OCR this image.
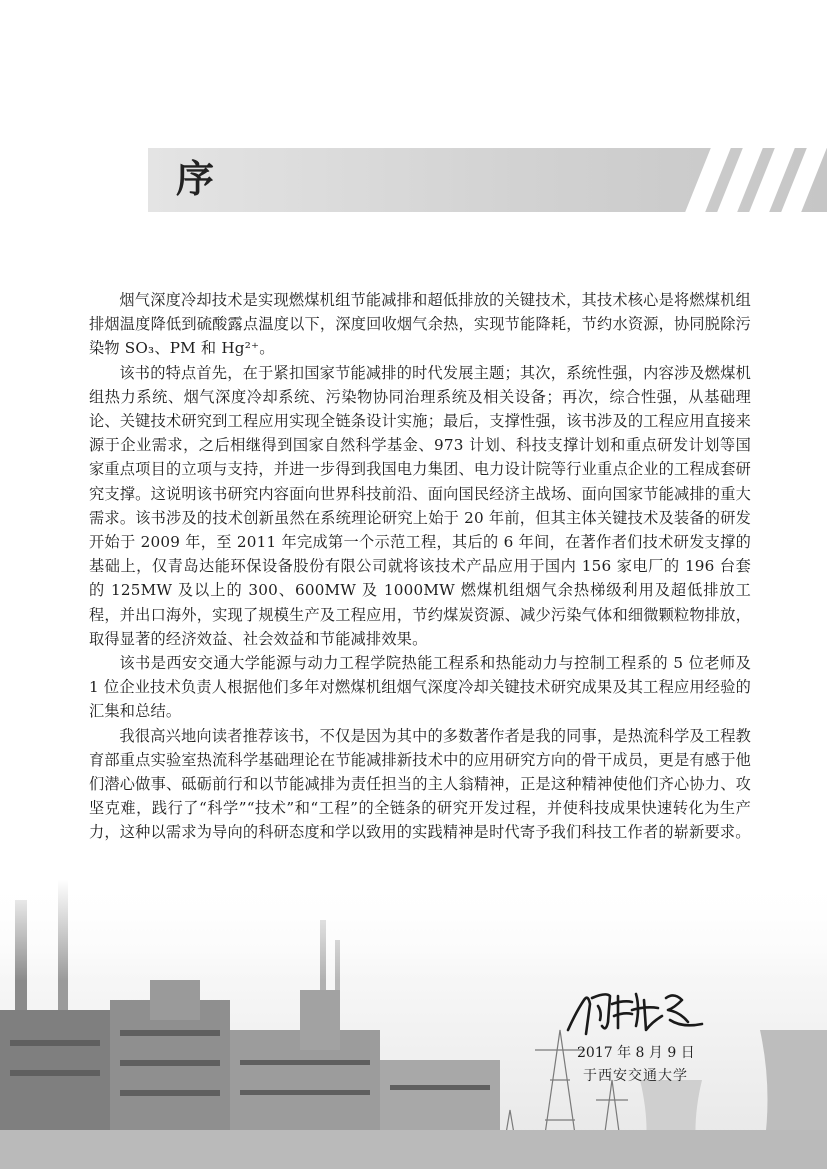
序

烟气深度冷却技术是实现燃煤机组节能减排和超低排放的关键技术，其技术核心是将燃煤机组排烟温度降低到硫酸露点温度以下，深度回收烟气余热，实现节能降耗，节约水资源，协同脱除污染物 SO₃、PM 和 Hg²⁺。

该书的特点首先，在于紧扣国家节能减排的时代发展主题；其次，系统性强，内容涉及燃煤机组热力系统、烟气深度冷却系统、污染物协同治理系统及相关设备；再次，综合性强，从基础理论、关键技术研究到工程应用实现全链条设计实施；最后，支撑性强，该书涉及的工程应用直接来源于企业需求，之后相继得到国家自然科学基金、973 计划、科技支撑计划和重点研发计划等国家重点项目的立项与支持，并进一步得到我国电力集团、电力设计院等行业重点企业的工程成套研究支撑。这说明该书研究内容面向世界科技前沿、面向国民经济主战场、面向国家节能减排的重大需求。该书涉及的技术创新虽然在系统理论研究上始于 20 年前，但其主体关键技术及装备的研发开始于 2009 年，至 2011 年完成第一个示范工程，其后的 6 年间，在著作者们技术研发支撑的基础上，仅青岛达能环保设备股份有限公司就将该技术产品应用于国内 156 家电厂的 196 台套的 125MW 及以上的 300、600MW 及 1000MW 燃煤机组烟气余热梯级利用及超低排放工程，并出口海外，实现了规模生产及工程应用，节约煤炭资源、减少污染气体和细微颗粒物排放，取得显著的经济效益、社会效益和节能减排效果。

该书是西安交通大学能源与动力工程学院热能工程系和热能动力与控制工程系的 5 位老师及 1 位企业技术负责人根据他们多年对燃煤机组烟气深度冷却关键技术研究成果及其工程应用经验的汇集和总结。

我很高兴地向读者推荐该书，不仅是因为其中的多数著作者是我的同事，是热流科学及工程教育部重点实验室热流科学基础理论在节能减排新技术中的应用研究方向的骨干成员，更是有感于他们潜心做事、砥砺前行和以节能减排为责任担当的主人翁精神，正是这种精神使他们齐心协力、攻坚克难，践行了“科学”“技术”和“工程”的全链条的研究开发过程，并使科技成果快速转化为生产力，这种以需求为导向的科研态度和学以致用的实践精神是时代寄予我们科技工作者的崭新要求。

2017 年 8 月 9 日
于西安交通大学
